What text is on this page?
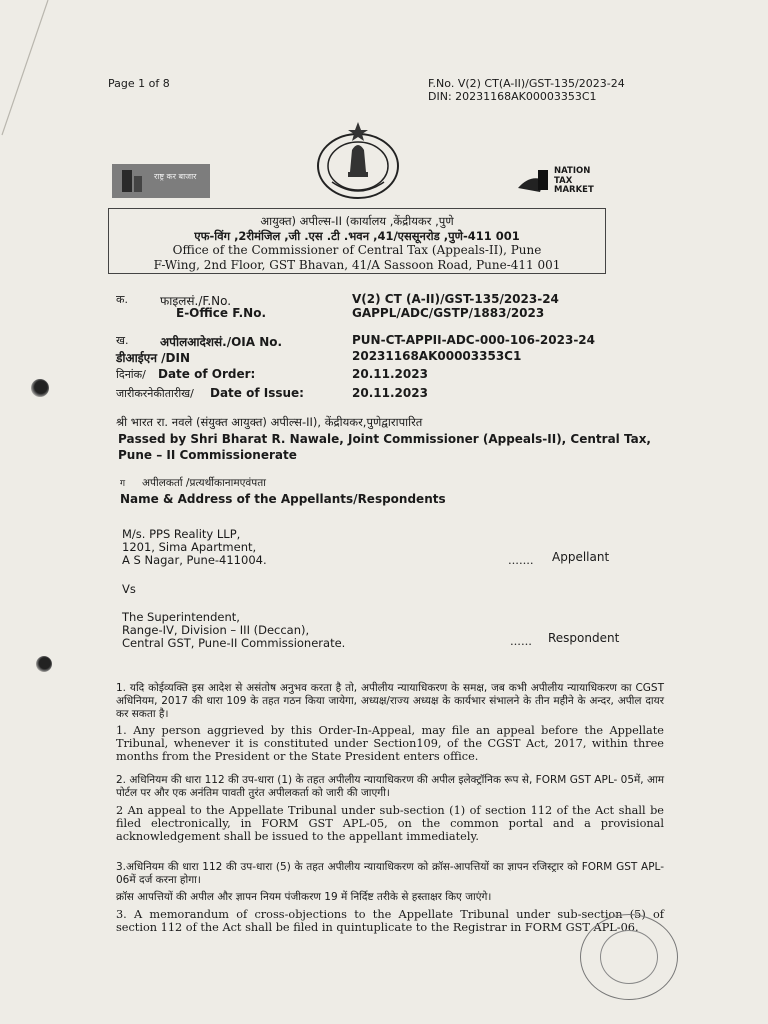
Page 1 of 8	F.No. V(2) CT(A-II)/GST-135/2023-24
DIN: 20231168AK00003353C1
राष्ट्र कर बाजार
NATION TAX MARKET
आयुक्त) अपील्स-II (कार्यालय ,केंद्रीयकर ,पुणे
एफ-विंग ,2रीमंजिल ,जी .एस .टी .भवन ,41/एससूनरोड ,पुणे-411 001
Office of the Commissioner of Central Tax (Appeals-II), Pune
F-Wing, 2nd Floor, GST Bhavan, 41/A Sassoon Road, Pune-411 001
क.	फाइलसं./F.No.	V(2) CT (A-II)/GST-135/2023-24
E-Office F.No.	GAPPL/ADC/GSTP/1883/2023
ख.	अपीलआदेशसं./OIA No.	PUN-CT-APPII-ADC-000-106-2023-24
डीआईएन /DIN	20231168AK00003353C1
दिनांक/ Date of Order:	20.11.2023
जारीकरनेकीतारीख/ Date of Issue:	20.11.2023
श्री भारत रा. नवले (संयुक्त आयुक्त) अपील्स-II), केंद्रीयकर,पुणेद्वारापारित
Passed by Shri Bharat R. Nawale, Joint Commissioner (Appeals-II), Central Tax,
Pune – II Commissionerate
ग अपीलकर्ता /प्रत्यर्थीकानामएवंपता
Name & Address of the Appellants/Respondents
M/s. PPS Reality LLP,
1201, Sima Apartment,
A S Nagar, Pune-411004.	....... Appellant
Vs
The Superintendent,
Range-IV, Division – III (Deccan),
Central GST, Pune-II Commissionerate.	...... Respondent
1. यदि कोईव्यक्ति इस आदेश से असंतोष अनुभव करता है तो, अपीलीय न्यायाधिकरण के समक्ष, जब कभी अपीलीय न्यायाधिकरण का CGST अधिनियम, 2017 की धारा 109 के तहत गठन किया जायेगा, अध्यक्ष/राज्य अध्यक्ष के कार्यभार संभालने के तीन महीने के अन्दर, अपील दायर कर सकता है।
1. Any person aggrieved by this Order-In-Appeal, may file an appeal before the Appellate Tribunal, whenever it is constituted under Section109, of the CGST Act, 2017, within three months from the President or the State President enters office.
2. अधिनियम की धारा 112 की उप-धारा (1) के तहत अपीलीय न्यायाधिकरण की अपील इलेक्ट्रॉनिक रूप से, FORM GST APL- 05में, आम पोर्टल पर और एक अनंतिम पावती तुरंत अपीलकर्ता को जारी की जाएगी।
2 An appeal to the Appellate Tribunal under sub-section (1) of section 112 of the Act shall be filed electronically, in FORM GST APL-05, on the common portal and a provisional acknowledgement shall be issued to the appellant immediately.
3.अधिनियम की धारा 112 की उप-धारा (5) के तहत अपीलीय न्यायाधिकरण को क्रॉस-आपत्तियों का ज्ञापन रजिस्ट्रार को FORM GST APL- 06में दर्ज करना होगा।
क्रॉस आपत्तियों की अपील और ज्ञापन नियम पंजीकरण 19 में निर्दिष्ट तरीके से हस्ताक्षर किए जाएंगे।
3. A memorandum of cross-objections to the Appellate Tribunal under sub-section (5) of section 112 of the Act shall be filed in quintuplicate to the Registrar in FORM GST APL-06.
